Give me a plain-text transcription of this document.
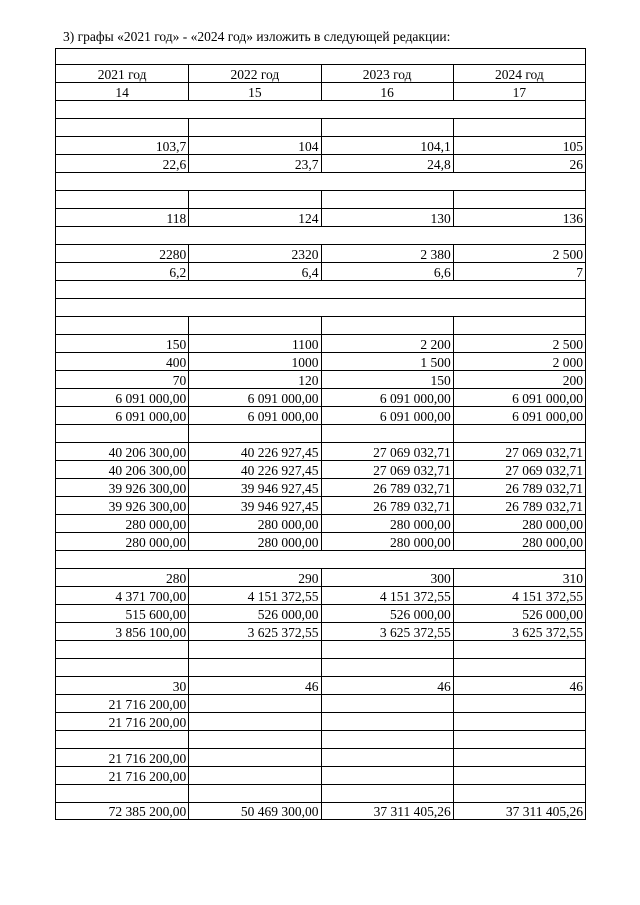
3) графы «2021 год» - «2024 год» изложить в следующей редакции:
2021 год	2022 год	2023 год	2024 год
14	15	16	17
103,7	104	104,1	105
22,6	23,7	24,8	26
118	124	130	136
2280	2320	2 380	2 500
6,2	6,4	6,6	7
150	1100	2 200	2 500
400	1000	1 500	2 000
70	120	150	200
6 091 000,00	6 091 000,00	6 091 000,00	6 091 000,00
6 091 000,00	6 091 000,00	6 091 000,00	6 091 000,00
40 206 300,00	40 226 927,45	27 069 032,71	27 069 032,71
40 206 300,00	40 226 927,45	27 069 032,71	27 069 032,71
39 926 300,00	39 946 927,45	26 789 032,71	26 789 032,71
39 926 300,00	39 946 927,45	26 789 032,71	26 789 032,71
280 000,00	280 000,00	280 000,00	280 000,00
280 000,00	280 000,00	280 000,00	280 000,00
280	290	300	310
4 371 700,00	4 151 372,55	4 151 372,55	4 151 372,55
515 600,00	526 000,00	526 000,00	526 000,00
3 856 100,00	3 625 372,55	3 625 372,55	3 625 372,55
30	46	46	46
21 716 200,00
21 716 200,00
21 716 200,00
21 716 200,00
72 385 200,00	50 469 300,00	37 311 405,26	37 311 405,26
